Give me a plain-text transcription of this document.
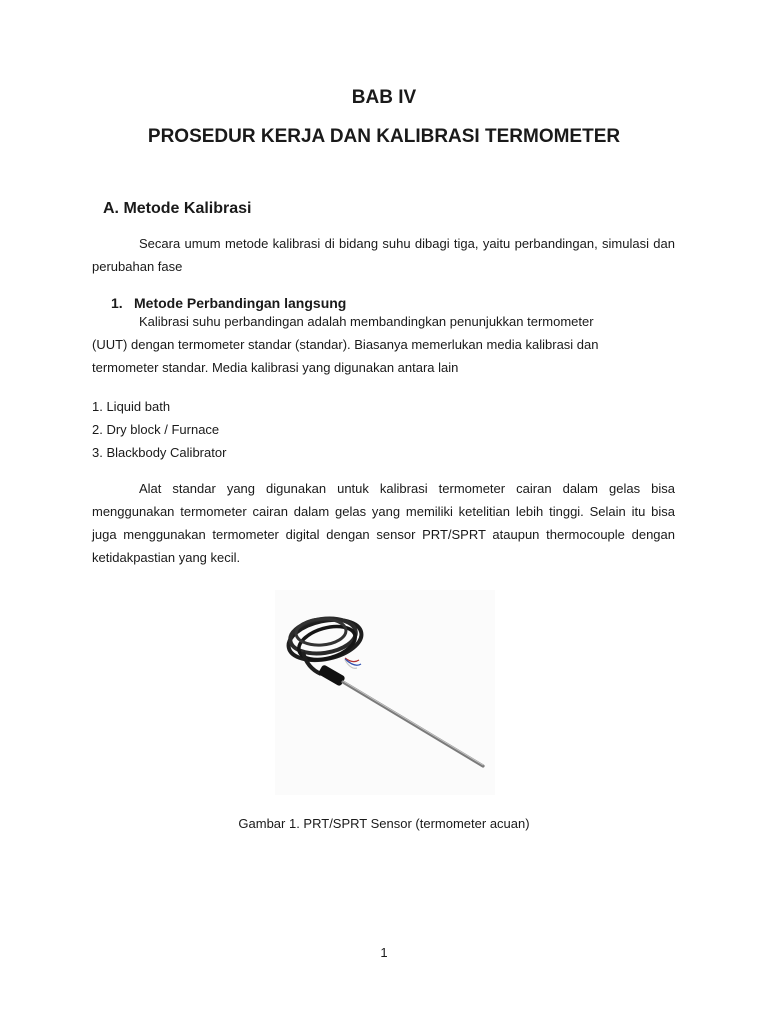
BAB IV
PROSEDUR KERJA DAN KALIBRASI TERMOMETER
A. Metode Kalibrasi
Secara umum metode kalibrasi di bidang suhu dibagi tiga, yaitu perbandingan, simulasi dan perubahan fase
1. Metode Perbandingan langsung
Kalibrasi suhu perbandingan adalah membandingkan penunjukkan termometer
(UUT) dengan termometer standar (standar). Biasanya memerlukan media kalibrasi dan
termometer standar. Media kalibrasi yang digunakan antara lain
1. Liquid bath
2. Dry block / Furnace
3. Blackbody Calibrator
Alat standar yang digunakan untuk kalibrasi termometer cairan dalam gelas bisa menggunakan termometer cairan dalam gelas yang memiliki ketelitian lebih tinggi. Selain itu bisa juga menggunakan termometer digital dengan sensor PRT/SPRT ataupun thermocouple dengan ketidakpastian yang kecil.
Gambar 1. PRT/SPRT Sensor (termometer acuan)
1
